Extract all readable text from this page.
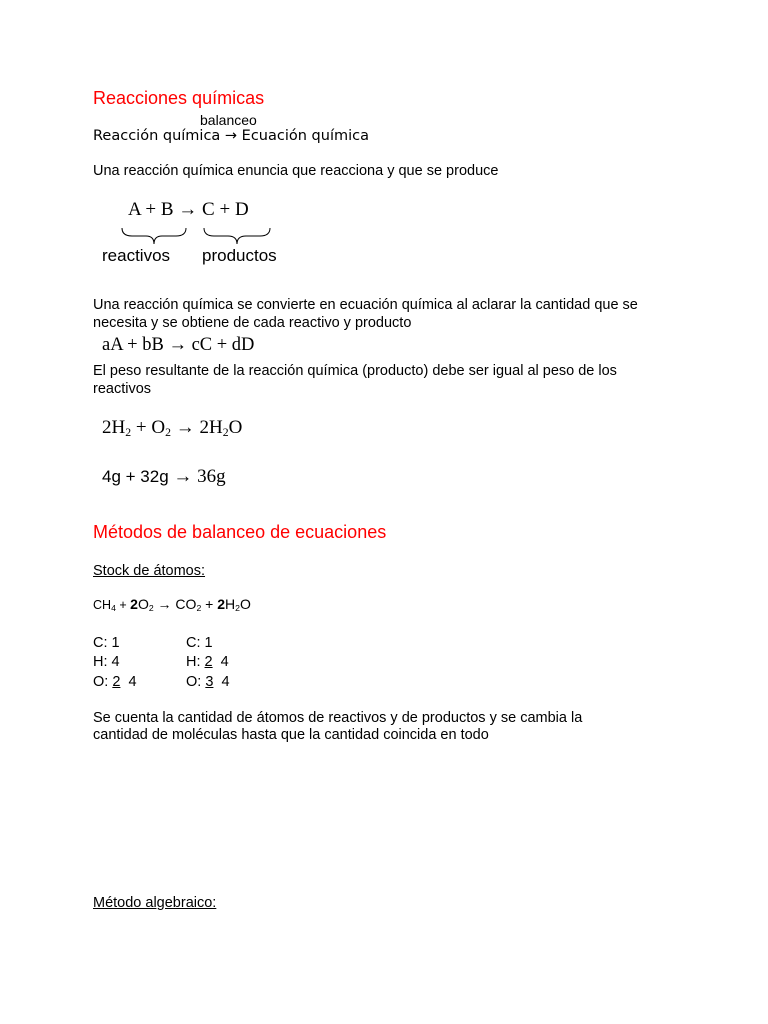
Reacciones químicas
balanceo
Reacción química → Ecuación química
Una reacción química enuncia que reacciona y que se produce
A + B → C + D
reactivos productos
Una reacción química se convierte en ecuación química al aclarar la cantidad que se
necesita y se obtiene de cada reactivo y producto
aA + bB → cC + dD
El peso resultante de la reacción química (producto) debe ser igual al peso de los
reactivos
$2H_2 + O_2 \to 2H_2O$
4g + 32g → 36g
Métodos de balanceo de ecuaciones
Stock de átomos:
$CH_4 + 2O_2 \to CO_2 + 2H_2O$
C: 1
H: 4
O: 2  4
C: 1
H: 2  4
O: 3  4
Se cuenta la cantidad de átomos de reactivos y de productos y se cambia la
cantidad de moléculas hasta que la cantidad coincida en todo
Método algebraico:
